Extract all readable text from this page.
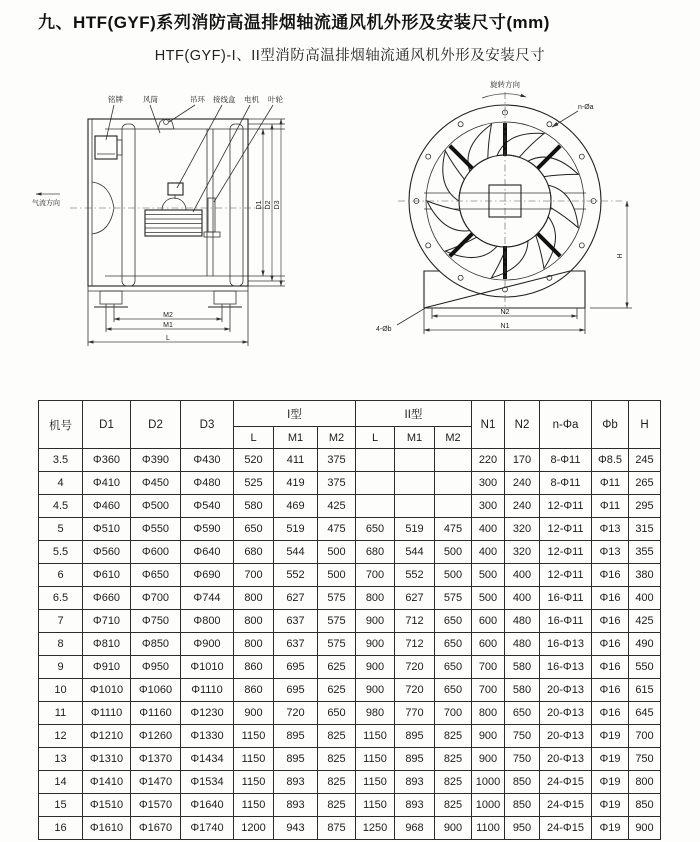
九、HTF(GYF)系列消防高温排烟轴流通风机外形及安装尺寸(mm)
HTF(GYF)-I、II型消防高温排烟轴流通风机外形及安装尺寸
铭牌	风筒	吊环 接线盒 电机 叶轮
气流方向	D1 D2 D3
M2
M1
L
旋转方向
n-Øa
4-Øb
N2
N1
H
机号	D1	D2	D3	I型			II型			N1	N2	n-Φa	Φb	H
				L	M1	M2	L	M1	M2					
3.5	Φ360	Φ390	Φ430	520	411	375				220	170	8-Φ11	Φ8.5	245
4	Φ410	Φ450	Φ480	525	419	375				300	240	8-Φ11	Φ11	265
4.5	Φ460	Φ500	Φ540	580	469	425				300	240	12-Φ11	Φ11	295
5	Φ510	Φ550	Φ590	650	519	475	650	519	475	400	320	12-Φ11	Φ13	315
5.5	Φ560	Φ600	Φ640	680	544	500	680	544	500	400	320	12-Φ11	Φ13	355
6	Φ610	Φ650	Φ690	700	552	500	700	552	500	500	400	12-Φ11	Φ16	380
6.5	Φ660	Φ700	Φ744	800	627	575	800	627	575	500	400	16-Φ11	Φ16	400
7	Φ710	Φ750	Φ800	800	637	575	900	712	650	600	480	16-Φ11	Φ16	425
8	Φ810	Φ850	Φ900	800	637	575	900	712	650	600	480	16-Φ13	Φ16	490
9	Φ910	Φ950	Φ1010	860	695	625	900	720	650	700	580	16-Φ13	Φ16	550
10	Φ1010	Φ1060	Φ1110	860	695	625	900	720	650	700	580	20-Φ13	Φ16	615
11	Φ1110	Φ1160	Φ1230	900	720	650	980	770	700	800	650	20-Φ13	Φ16	645
12	Φ1210	Φ1260	Φ1330	1150	895	825	1150	895	825	900	750	20-Φ13	Φ19	700
13	Φ1310	Φ1370	Φ1434	1150	895	825	1150	895	825	900	750	20-Φ13	Φ19	750
14	Φ1410	Φ1470	Φ1534	1150	893	825	1150	893	825	1000	850	24-Φ15	Φ19	800
15	Φ1510	Φ1570	Φ1640	1150	893	825	1150	893	825	1000	850	24-Φ15	Φ19	850
16	Φ1610	Φ1670	Φ1740	1200	943	875	1250	968	900	1100	950	24-Φ15	Φ19	900
